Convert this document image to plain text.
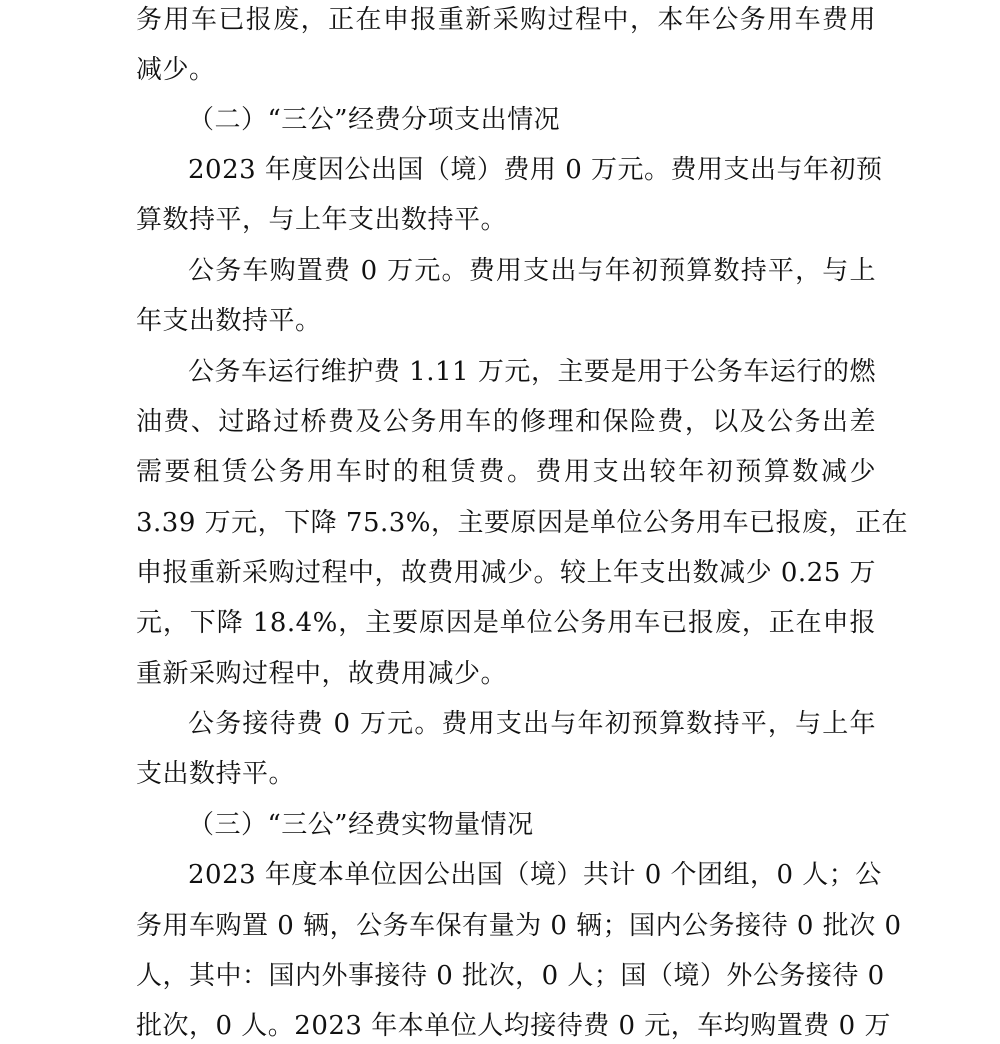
务用车已报废，正在申报重新采购过程中，本年公务用车费用
减少。
（二）“三公”经费分项支出情况
2023 年度因公出国（境）费用 0 万元。费用支出与年初预
算数持平，与上年支出数持平。
公务车购置费 0 万元。费用支出与年初预算数持平，与上
年支出数持平。
公务车运行维护费 1.11 万元，主要是用于公务车运行的燃
油费、过路过桥费及公务用车的修理和保险费，以及公务出差
需要租赁公务用车时的租赁费。费用支出较年初预算数减少
3.39 万元，下降 75.3%，主要原因是单位公务用车已报废，正在
申报重新采购过程中，故费用减少。较上年支出数减少 0.25 万
元，下降 18.4%，主要原因是单位公务用车已报废，正在申报
重新采购过程中，故费用减少。
公务接待费 0 万元。费用支出与年初预算数持平，与上年
支出数持平。
（三）“三公”经费实物量情况
2023 年度本单位因公出国（境）共计 0 个团组，0 人；公
务用车购置 0 辆，公务车保有量为 0 辆；国内公务接待 0 批次 0
人，其中：国内外事接待 0 批次，0 人；国（境）外公务接待 0
批次，0 人。2023 年本单位人均接待费 0 元，车均购置费 0 万
